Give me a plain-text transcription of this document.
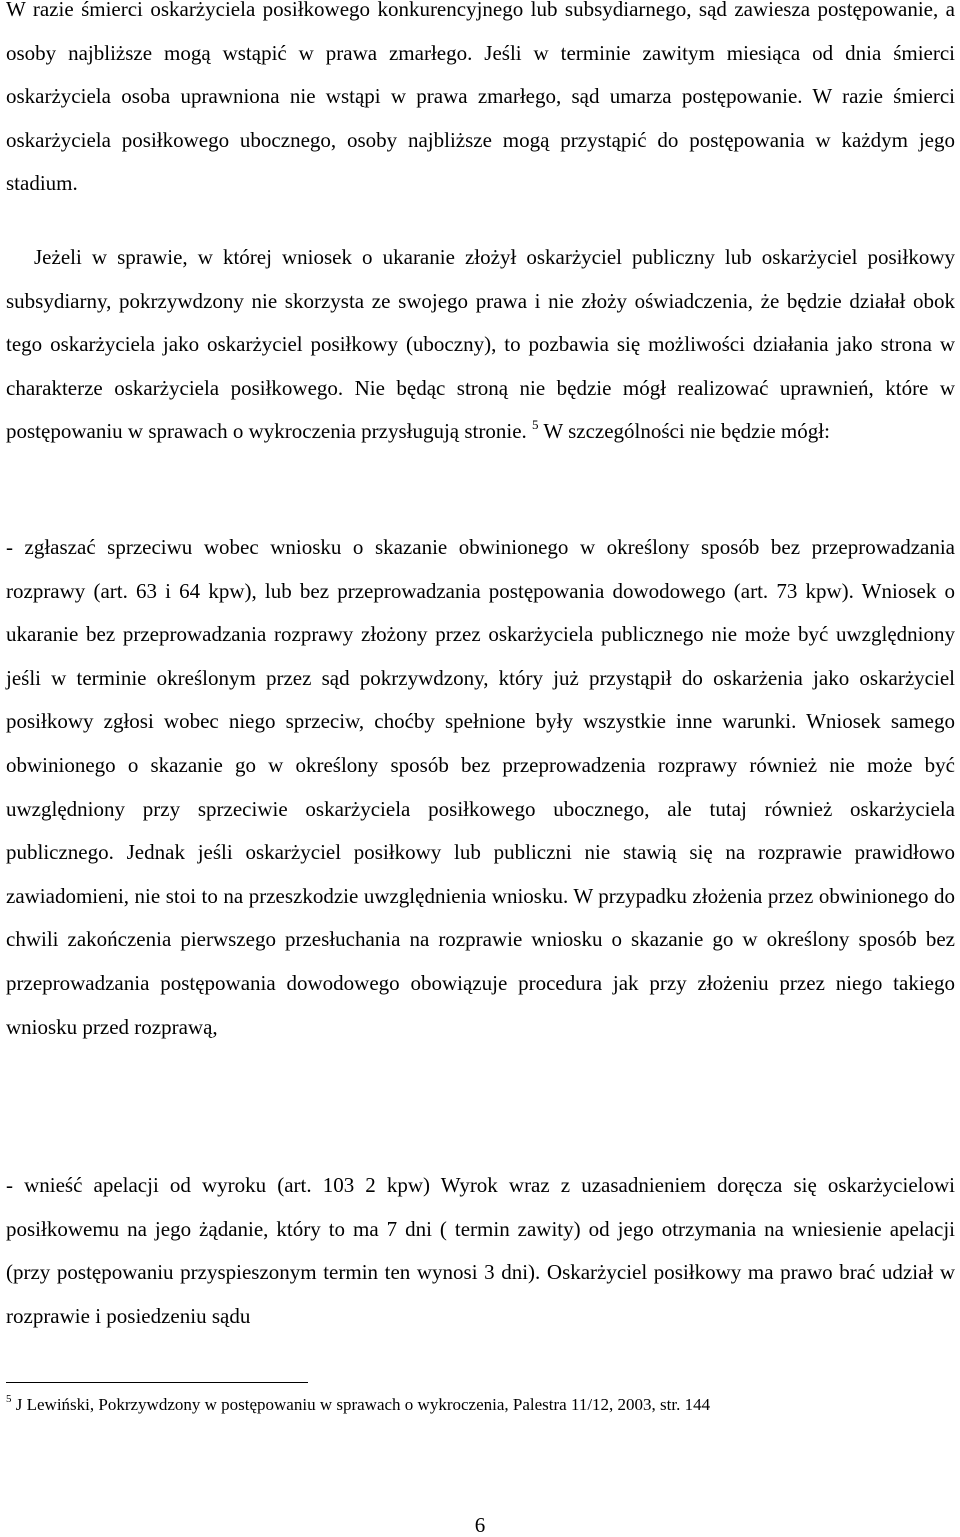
W razie śmierci oskarżyciela posiłkowego konkurencyjnego lub subsydiarnego, sąd zawiesza postępowanie, a osoby najbliższe mogą wstąpić w prawa zmarłego. Jeśli w terminie zawitym miesiąca od dnia śmierci oskarżyciela osoba uprawniona nie wstąpi w prawa zmarłego, sąd umarza postępowanie. W razie śmierci oskarżyciela posiłkowego ubocznego, osoby najbliższe mogą przystąpić do postępowania w każdym jego stadium.

Jeżeli w sprawie, w której wniosek o ukaranie złożył oskarżyciel publiczny lub oskarżyciel posiłkowy subsydiarny, pokrzywdzony nie skorzysta ze swojego prawa i nie złoży oświadczenia, że będzie działał obok tego oskarżyciela jako oskarżyciel posiłkowy (uboczny), to pozbawia się możliwości działania jako strona w charakterze oskarżyciela posiłkowego. Nie będąc stroną nie będzie mógł realizować uprawnień, które w postępowaniu w sprawach o wykroczenia przysługują stronie. $^5$ W szczególności nie będzie mógł:

- zgłaszać sprzeciwu wobec wniosku o skazanie obwinionego w określony sposób bez przeprowadzania rozprawy (art. 63 i 64 kpw), lub bez przeprowadzania postępowania dowodowego (art. 73 kpw). Wniosek o ukaranie bez przeprowadzania rozprawy złożony przez oskarżyciela publicznego nie może być uwzględniony jeśli w terminie określonym przez sąd pokrzywdzony, który już przystąpił do oskarżenia jako oskarżyciel posiłkowy zgłosi wobec niego sprzeciw, choćby spełnione były wszystkie inne warunki. Wniosek samego obwinionego o skazanie go w określony sposób bez przeprowadzenia rozprawy również nie może być uwzględniony przy sprzeciwie oskarżyciela posiłkowego ubocznego, ale tutaj również oskarżyciela publicznego. Jednak jeśli oskarżyciel posiłkowy lub publiczni nie stawią się na rozprawie prawidłowo zawiadomieni, nie stoi to na przeszkodzie uwzględnienia wniosku. W przypadku złożenia przez obwinionego do chwili zakończenia pierwszego przesłuchania na rozprawie wniosku o skazanie go w określony sposób bez przeprowadzania postępowania dowodowego obowiązuje procedura jak przy złożeniu przez niego takiego wniosku przed rozprawą,

- wnieść apelacji od wyroku (art. 103 2 kpw) Wyrok wraz z uzasadnieniem doręcza się oskarżycielowi posiłkowemu na jego żądanie, który to ma 7 dni ( termin zawity) od jego otrzymania na wniesienie apelacji (przy postępowaniu przyspieszonym termin ten wynosi 3 dni). Oskarżyciel posiłkowy ma prawo brać udział w rozprawie i posiedzeniu sądu

$^5$ J Lewiński, Pokrzywdzony w postępowaniu w sprawach o wykroczenia, Palestra 11/12, 2003, str. 144

6
